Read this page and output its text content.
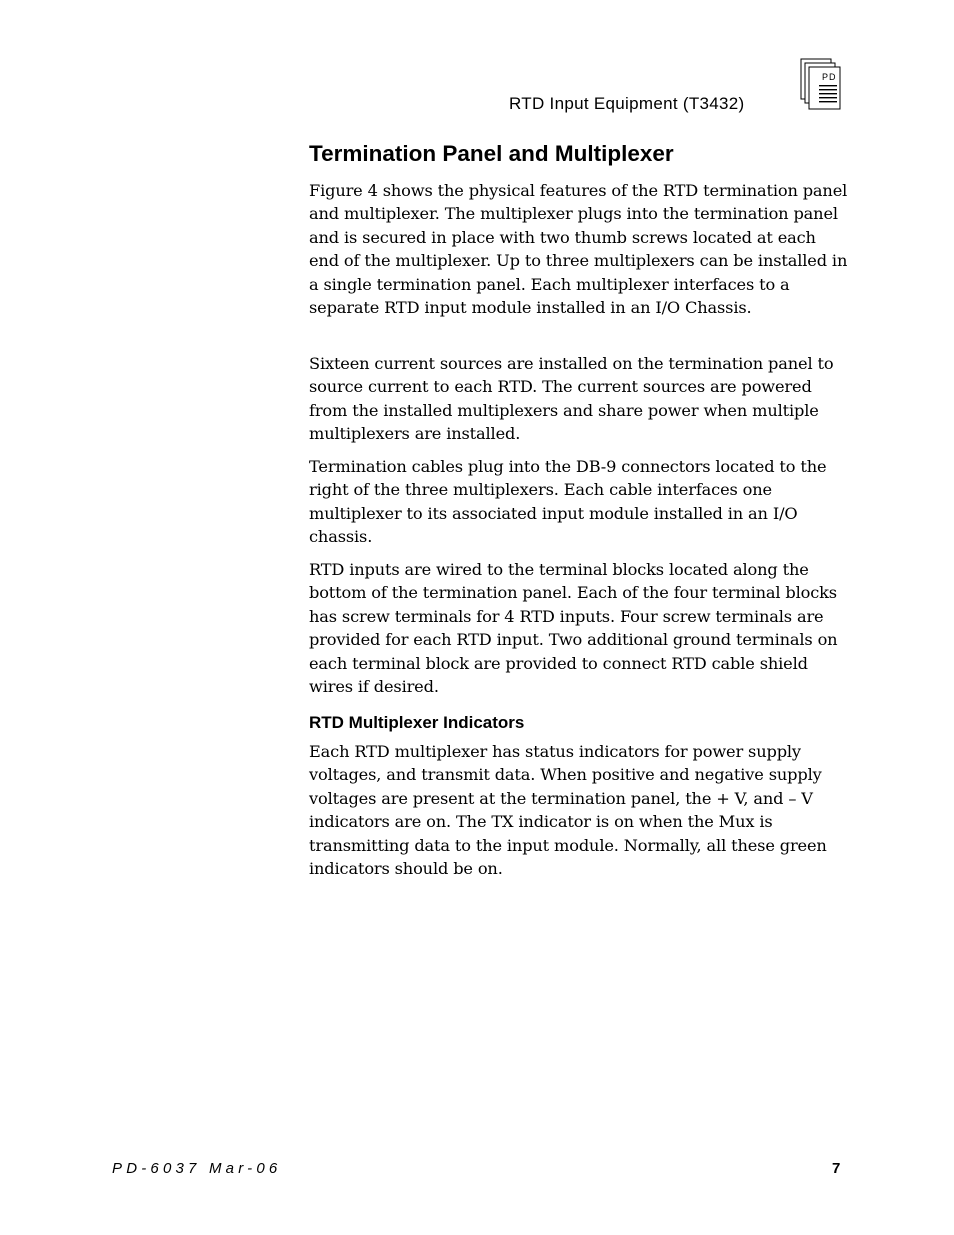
RTD Input Equipment (T3432)
PD
Termination Panel and Multiplexer

Figure 4 shows the physical features of the RTD termination panel and multiplexer. The multiplexer plugs into the termination panel and is secured in place with two thumb screws located at each end of the multiplexer. Up to three multiplexers can be installed in a single termination panel. Each multiplexer interfaces to a separate RTD input module installed in an I/O Chassis.

Sixteen current sources are installed on the termination panel to source current to each RTD. The current sources are powered from the installed multiplexers and share power when multiple multiplexers are installed.

Termination cables plug into the DB-9 connectors located to the right of the three multiplexers. Each cable interfaces one multiplexer to its associated input module installed in an I/O chassis.

RTD inputs are wired to the terminal blocks located along the bottom of the termination panel. Each of the four terminal blocks has screw terminals for 4 RTD inputs. Four screw terminals are provided for each RTD input. Two additional ground terminals on each terminal block are provided to connect RTD cable shield wires if desired.

RTD Multiplexer Indicators

Each RTD multiplexer has status indicators for power supply voltages, and transmit data. When positive and negative supply voltages are present at the termination panel, the + V, and – V indicators are on. The TX indicator is on when the Mux is transmitting data to the input module. Normally, all these green indicators should be on.

PD-6037 Mar-06	7
